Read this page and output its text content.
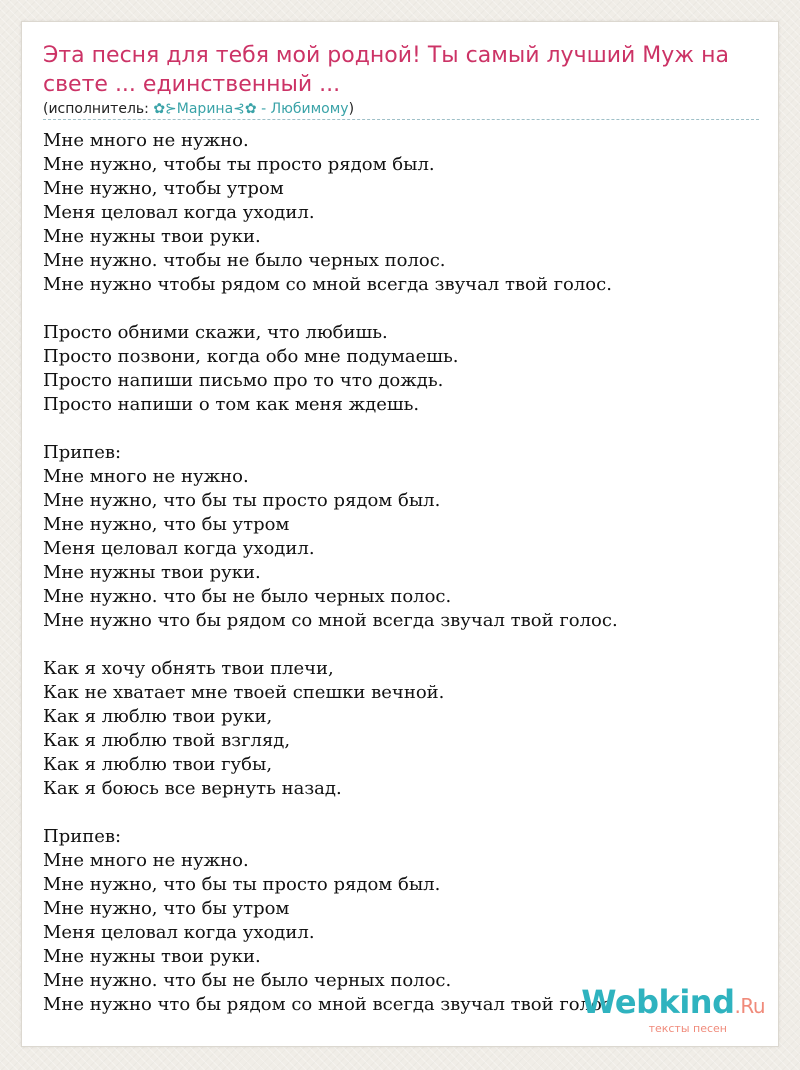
Эта песня для тебя мой родной! Ты самый лучший Муж на свете ... единственный ...
(исполнитель: ✿⊱Марина⊰✿ - Любимому)
Мне много не нужно.
Мне нужно, чтобы ты просто рядом был.
Мне нужно, чтобы утром
Меня целовал когда уходил.
Мне нужны твои руки.
Мне нужно. чтобы не было черных полос.
Мне нужно чтобы рядом со мной всегда звучал твой голос.
Просто обними скажи, что любишь.
Просто позвони, когда обо мне подумаешь.
Просто напиши письмо про то что дождь.
Просто напиши о том как меня ждешь.
Припев:
Мне много не нужно.
Мне нужно, что бы ты просто рядом был.
Мне нужно, что бы утром
Меня целовал когда уходил.
Мне нужны твои руки.
Мне нужно. что бы не было черных полос.
Мне нужно что бы рядом со мной всегда звучал твой голос.
Как я хочу обнять твои плечи,
Как не хватает мне твоей спешки вечной.
Как я люблю твои руки,
Как я люблю твой взгляд,
Как я люблю твои губы,
Как я боюсь все вернуть назад.
Припев:
Мне много не нужно.
Мне нужно, что бы ты просто рядом был.
Мне нужно, что бы утром
Меня целовал когда уходил.
Мне нужны твои руки.
Мне нужно. что бы не было черных полос.
Мне нужно что бы рядом со мной всегда звучал твой голос
Webkind.Ru
тексты песен
